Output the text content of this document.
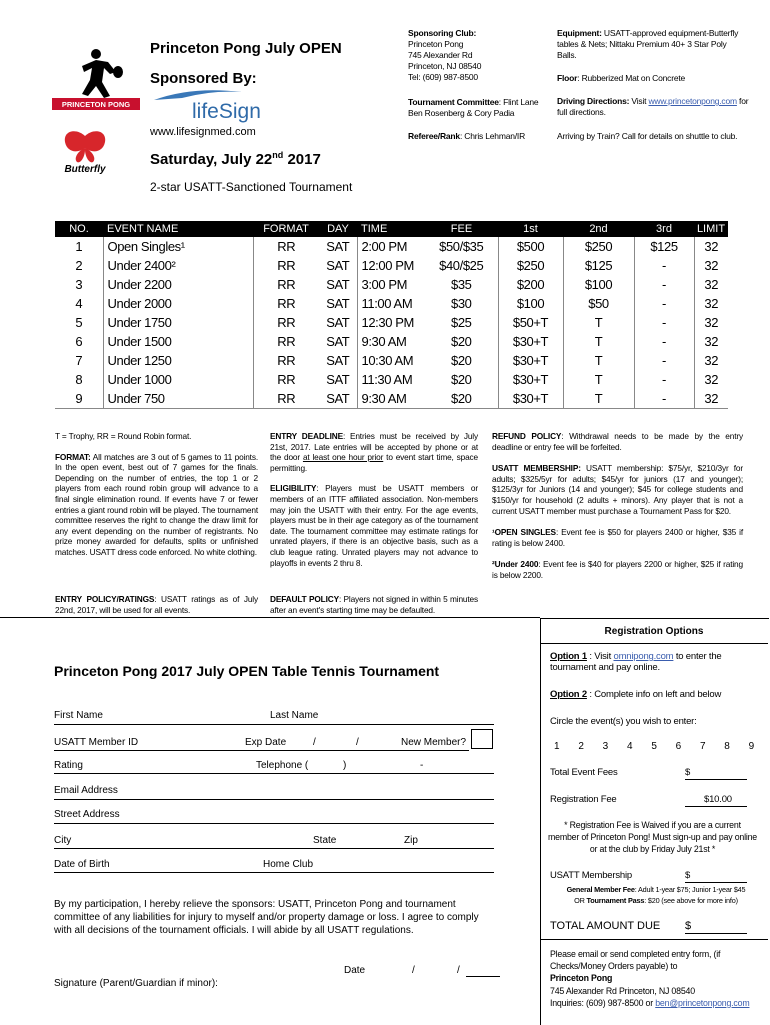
PRINCETON PONG
Butterfly
Princeton Pong July OPEN
Sponsored By:
lifeSign
www.lifesignmed.com
Saturday, July 22nd 2017
2-star USATT-Sanctioned Tournament
Sponsoring Club:
Princeton Pong
745 Alexander Rd
Princeton, NJ 08540
Tel: (609) 987-8500
Tournament Committee: Flint Lane
Ben Rosenberg & Cory Padia
Referee/Rank: Chris Lehman/IR
Equipment: USATT-approved equipment-Butterfly tables & Nets; Nittaku Premium 40+ 3 Star Poly Balls.
Floor: Rubberized Mat on Concrete
Driving Directions: Visit www.princetonpong.com for full directions.
Arriving by Train? Call for details on shuttle to club.
NO.	EVENT NAME	FORMAT	DAY	TIME	FEE	1st	2nd	3rd	LIMIT
1	Open Singles¹	RR	SAT	2:00 PM	$50/$35	$500	$250	$125	32
2	Under 2400²	RR	SAT	12:00 PM	$40/$25	$250	$125	-	32
3	Under 2200	RR	SAT	3:00 PM	$35	$200	$100	-	32
4	Under 2000	RR	SAT	11:00 AM	$30	$100	$50	-	32
5	Under 1750	RR	SAT	12:30 PM	$25	$50+T	T	-	32
6	Under 1500	RR	SAT	9:30 AM	$20	$30+T	T	-	32
7	Under 1250	RR	SAT	10:30 AM	$20	$30+T	T	-	32
8	Under 1000	RR	SAT	11:30 AM	$20	$30+T	T	-	32
9	Under 750	RR	SAT	9:30 AM	$20	$30+T	T	-	32
T = Trophy, RR = Round Robin format.
FORMAT: All matches are 3 out of 5 games to 11 points. In the open event, best out of 7 games for the finals. Depending on the number of entries, the top 1 or 2 players from each round robin group will advance to a final single elimination round. If events have 7 or fewer entries a giant round robin will be played. The tournament committee reserves the right to change the draw limit for any event depending on the number of registrants. No prize money awarded for defaults, splits or unfinished matches. USATT dress code enforced. No white clothing.
ENTRY POLICY/RATINGS: USATT ratings as of July 22nd, 2017, will be used for all events.
ENTRY DEADLINE: Entries must be received by July 21st, 2017. Late entries will be accepted by phone or at the door at least one hour prior to event start time, space permitting.
ELIGIBILITY: Players must be USATT members or members of an ITTF affiliated association. Non-members may join the USATT with their entry. For the age events, players must be in their age category as of the tournament date. The tournament committee may estimate ratings for unrated players, if there is an objective basis, such as a club league rating. Unrated players may not advance to playoffs in events 2 thru 8.
DEFAULT POLICY: Players not signed in within 5 minutes after an event's starting time may be defaulted.
REFUND POLICY: Withdrawal needs to be made by the entry deadline or entry fee will be forfeited.
USATT MEMBERSHIP: USATT membership: $75/yr, $210/3yr for adults; $325/5yr for adults; $45/yr for juniors (17 and younger); $125/3yr for Juniors (14 and younger); $45 for college students and $150/yr for household (2 adults + minors). Any player that is not a current USATT member must purchase a Tournament Pass for $20.
¹OPEN SINGLES: Event fee is $50 for players 2400 or higher, $35 if rating is below 2400.
²Under 2400: Event fee is $40 for players 2200 or higher, $25 if rating is below 2200.
Princeton Pong 2017 July OPEN Table Tennis Tournament
First Name	Last Name
USATT Member ID	Exp Date	/	/	New Member?
Rating	Telephone (	)	-
Email Address
Street Address
City	State	Zip
Date of Birth	Home Club
By my participation, I hereby relieve the sponsors: USATT, Princeton Pong and tournament committee of any liabilities for injury to myself and/or property damage or loss. I agree to comply with all decisions of the tournament officials. I will abide by all USATT regulations.
Date	/	/
Signature (Parent/Guardian if minor):
Registration Options
Option 1 : Visit omnipong.com to enter the tournament and pay online.
Option 2 : Complete info on left and below
Circle the event(s) you wish to enter:
1 2 3 4 5 6 7 8 9
Total Event Fees	$
Registration Fee	$10.00
* Registration Fee is Waived if you are a current
member of Princeton Pong! Must sign-up and pay online
or at the club by Friday July 21st *
USATT Membership	$
General Member Fee: Adult 1-year $75; Junior 1-year $45
OR Tournament Pass: $20 (see above for more info)
TOTAL AMOUNT DUE $
Please email or send completed entry form, (if
Checks/Money Orders payable) to
Princeton Pong
745 Alexander Rd Princeton, NJ 08540
Inquiries: (609) 987-8500 or ben@princetonpong.com
